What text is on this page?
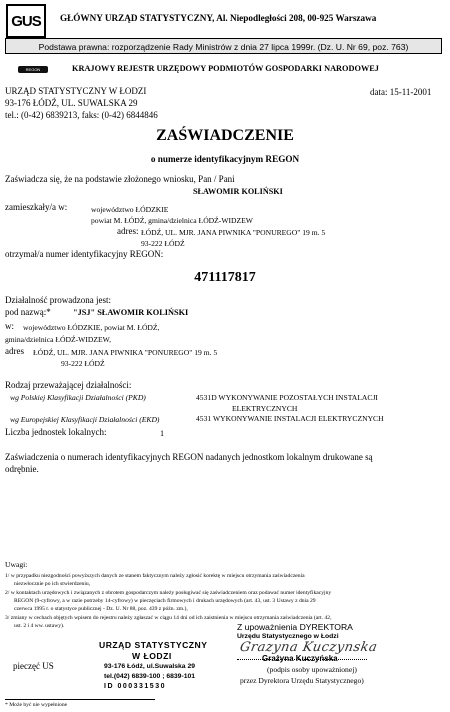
GUS	GŁÓWNY URZĄD STATYSTYCZNY, Al. Niepodległości 208, 00-925 Warszawa
Podstawa prawna: rozporządzenie Rady Ministrów z dnia 27 lipca 1999r. (Dz. U. Nr 69, poz. 763)
REGON	KRAJOWY REJESTR URZĘDOWY PODMIOTÓW GOSPODARKI NARODOWEJ
URZĄD STATYSTYCZNY W ŁODZI
93-176 ŁÓDŹ, UL. SUWALSKA 29
tel.: (0-42) 6839213, faks: (0-42) 6844846
data: 15-11-2001
ZAŚWIADCZENIE
o numerze identyfikacyjnym REGON
Zaświadcza się, że na podstawie złożonego wniosku, Pan / Pani
SŁAWOMIR KOLIŃSKI
zamieszkały/a w:	województwo ŁÓDZKIE
powiat M. ŁÓDŹ, gmina/dzielnica ŁÓDŹ-WIDZEW
adres: ŁÓDŹ, UL. MJR. JANA PIWNIKA "PONUREGO" 19 m. 5
93-222 ŁÓDŹ
otrzymał/a numer identyfikacyjny REGON:
471117817
Działalność prowadzona jest:
pod nazwą:*	"JSJ" SŁAWOMIR KOLIŃSKI
w: województwo ŁÓDZKIE, powiat M. ŁÓDŹ,
gmina/dzielnica ŁÓDŹ-WIDZEW,
adres ŁÓDŹ, UL. MJR. JANA PIWNIKA "PONUREGO" 19 m. 5
93-222 ŁÓDŹ
Rodzaj przeważającej działalności:
wg Polskiej Klasyfikacji Działalności (PKD)	4531D WYKONYWANIE POZOSTAŁYCH INSTALACJI
ELEKTRYCZNYCH
wg Europejskiej Klasyfikacji Działalności (EKD)	4531 WYKONYWANIE INSTALACJI ELEKTRYCZNYCH
Liczba jednostek lokalnych:	1
Zaświadczenia o numerach identyfikacyjnych REGON nadanych jednostkom lokalnym drukowane są
odrębnie.
Uwagi:
1/ w przypadku niezgodności powyższych danych ze stanem faktycznym należy zgłosić korektę w miejscu otrzymania zaświadczenia
niezwłocznie po ich stwierdzeniu,
2/ w kontaktach urzędowych i związanych z obrotem gospodarczym należy posługiwać się zaświadczeniem oraz podawać numer identyfikacyjny
REGON (9-cyfrowy, a w razie potrzeby 14-cyfrowy) w pieczęciach firmowych i drukach urzędowych (art. 43, ust. 3 Ustawy z dnia 29
czerwca 1995 r. o statystyce publicznej - Dz. U. Nr 88, poz. 439 z późn. zm.),
3/ zmiany w cechach objętych wpisem do rejestru należy zgłaszać w ciągu 14 dni od ich zaistnienia w miejscu otrzymania zaświadczenia (art. 42,
ust. 2 i 4 ww. ustawy).
URZĄD STATYSTYCZNY
W ŁODZI
93-176 Łódź, ul.Suwalska 29
tel.(042) 6839-100 ; 6839-101
ID 000331530
pieczęć US
Z upoważnienia DYREKTORA
Urzędu Statystycznego w Łodzi
Grazyna Kuczynska
Grażyna Kuczyńska
(podpis osoby upoważnionej)
przez Dyrektora Urzędu Statystycznego)
* Może być nie wypełnione
